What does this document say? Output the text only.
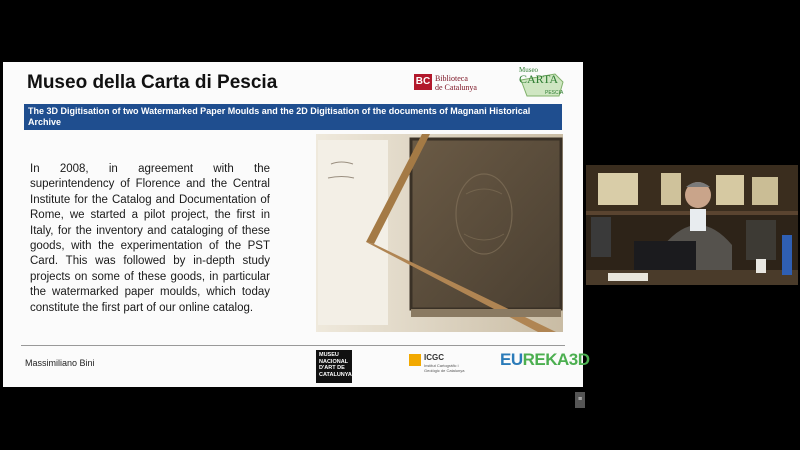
Museo della Carta di Pescia	BC Biblioteca
de Catalunya
Museo
CARTA
PESCIA
The 3D Digitisation of two Watermarked Paper Moulds and the 2D Digitisation of the documents of Magnani Historical Archive
In 2008, in agreement with the superintendency of Florence and the Central Institute for the Catalog and Documentation of Rome, we started a pilot project, the first in Italy, for the inventory and cataloging of these goods, with the experimentation of the PST Card. This was followed by in-depth study projects on some of these goods, in particular the watermarked paper moulds, which today constitute the first part of our online catalog.
Massimiliano Bini
MUSEU NACIONAL D'ART DE CATALUNYA
ICGC
Institut Cartogràfic i Geològic de Catalunya
EUREKA3D
≡
